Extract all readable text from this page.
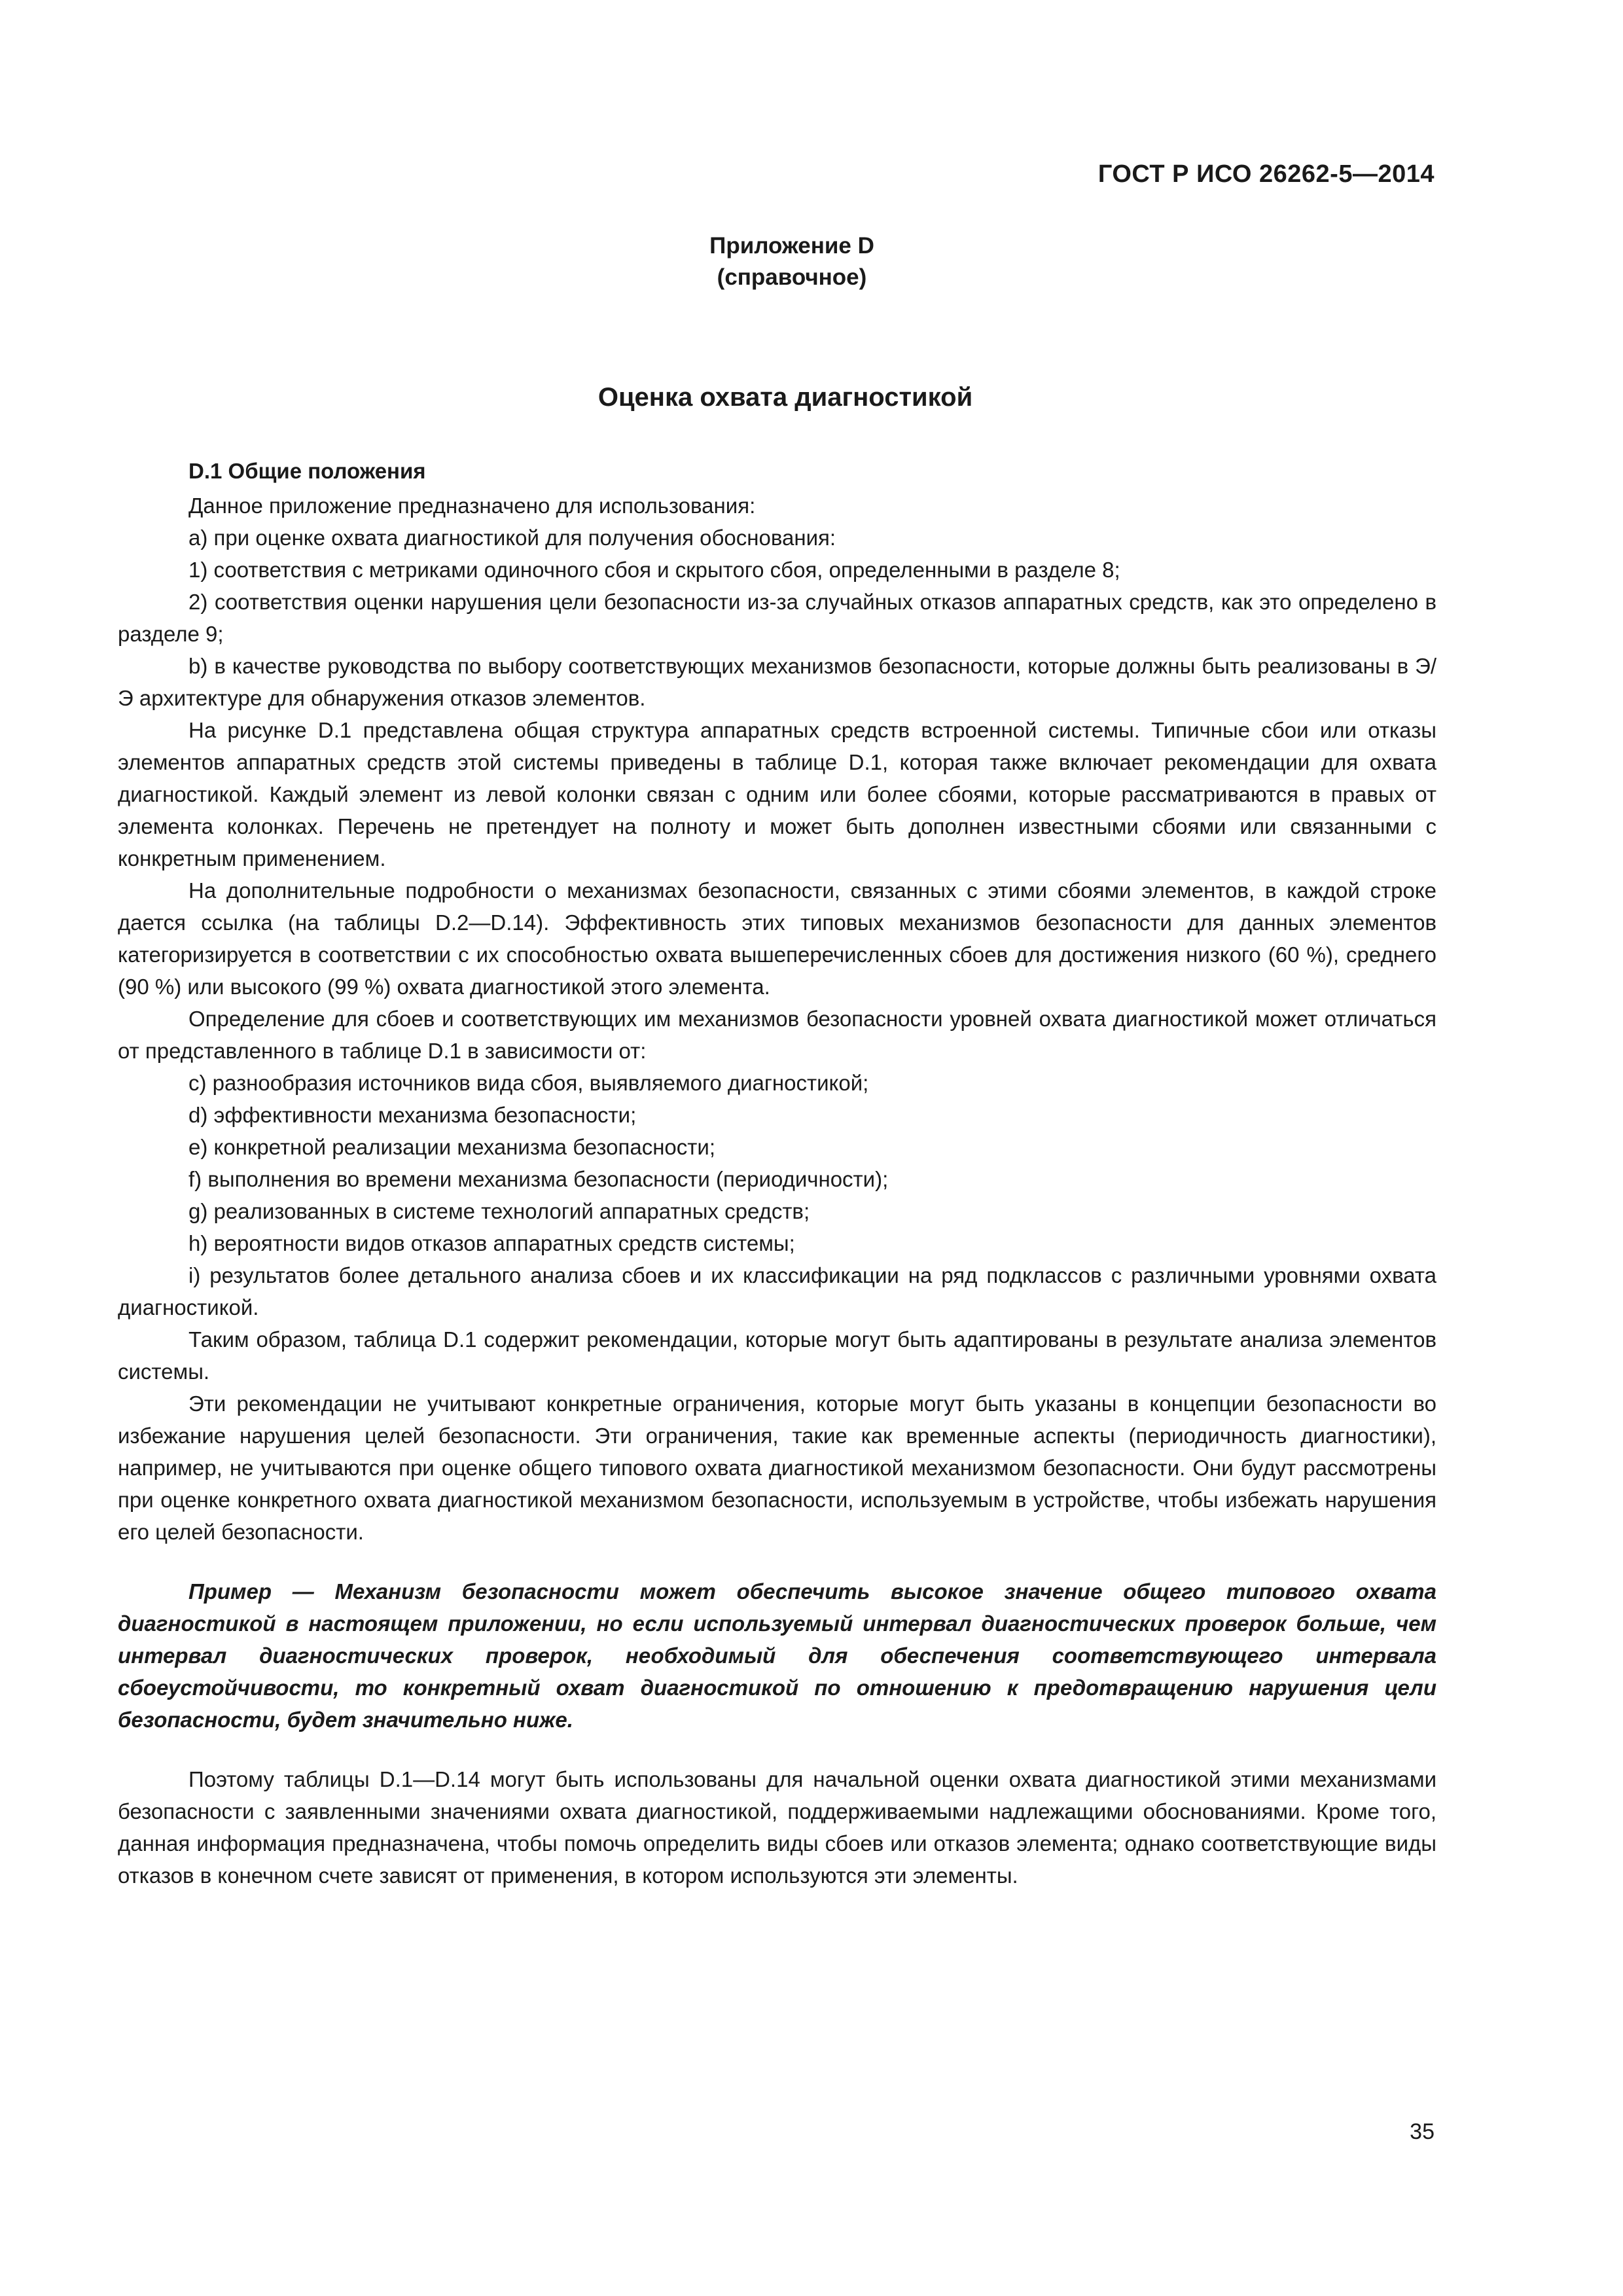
ГОСТ Р ИСО 26262-5—2014
Приложение D
(справочное)
Оценка охвата диагностикой
D.1 Общие положения

Данное приложение предназначено для использования:

a) при оценке охвата диагностикой для получения обоснования:

1) соответствия с метриками одиночного сбоя и скрытого сбоя, определенными в разделе 8;

2) соответствия оценки нарушения цели безопасности из-за случайных отказов аппаратных средств, как это определено в разделе 9;

b) в качестве руководства по выбору соответствующих механизмов безопасности, которые должны быть реализованы в Э/Э архитектуре для обнаружения отказов элементов.

На рисунке D.1 представлена общая структура аппаратных средств встроенной системы. Типичные сбои или отказы элементов аппаратных средств этой системы приведены в таблице D.1, которая также включает рекомендации для охвата диагностикой. Каждый элемент из левой колонки связан с одним или более сбоями, которые рассматриваются в правых от элемента колонках. Перечень не претендует на полноту и может быть дополнен известными сбоями или связанными с конкретным применением.

На дополнительные подробности о механизмах безопасности, связанных с этими сбоями элементов, в каждой строке дается ссылка (на таблицы D.2—D.14). Эффективность этих типовых механизмов безопасности для данных элементов категоризируется в соответствии с их способностью охвата вышеперечисленных сбоев для достижения низкого (60 %), среднего (90 %) или высокого (99 %) охвата диагностикой этого элемента.

Определение для сбоев и соответствующих им механизмов безопасности уровней охвата диагностикой может отличаться от представленного в таблице D.1 в зависимости от:

c) разнообразия источников вида сбоя, выявляемого диагностикой;

d) эффективности механизма безопасности;

e) конкретной реализации механизма безопасности;

f) выполнения во времени механизма безопасности (периодичности);

g) реализованных в системе технологий аппаратных средств;

h) вероятности видов отказов аппаратных средств системы;

i) результатов более детального анализа сбоев и их классификации на ряд подклассов с различными уровнями охвата диагностикой.

Таким образом, таблица D.1 содержит рекомендации, которые могут быть адаптированы в результате анализа элементов системы.

Эти рекомендации не учитывают конкретные ограничения, которые могут быть указаны в концепции безопасности во избежание нарушения целей безопасности. Эти ограничения, такие как временные аспекты (периодичность диагностики), например, не учитываются при оценке общего типового охвата диагностикой механизмом безопасности. Они будут рассмотрены при оценке конкретного охвата диагностикой механизмом безопасности, используемым в устройстве, чтобы избежать нарушения его целей безопасности.

Пример — Механизм безопасности может обеспечить высокое значение общего типового охвата диагностикой в настоящем приложении, но если используемый интервал диагностических проверок больше, чем интервал диагностических проверок, необходимый для обеспечения соответствующего интервала сбоеустойчивости, то конкретный охват диагностикой по отношению к предотвращению нарушения цели безопасности, будет значительно ниже.

Поэтому таблицы D.1—D.14 могут быть использованы для начальной оценки охвата диагностикой этими механизмами безопасности с заявленными значениями охвата диагностикой, поддерживаемыми надлежащими обоснованиями. Кроме того, данная информация предназначена, чтобы помочь определить виды сбоев или отказов элемента; однако соответствующие виды отказов в конечном счете зависят от применения, в котором используются эти элементы.

35
